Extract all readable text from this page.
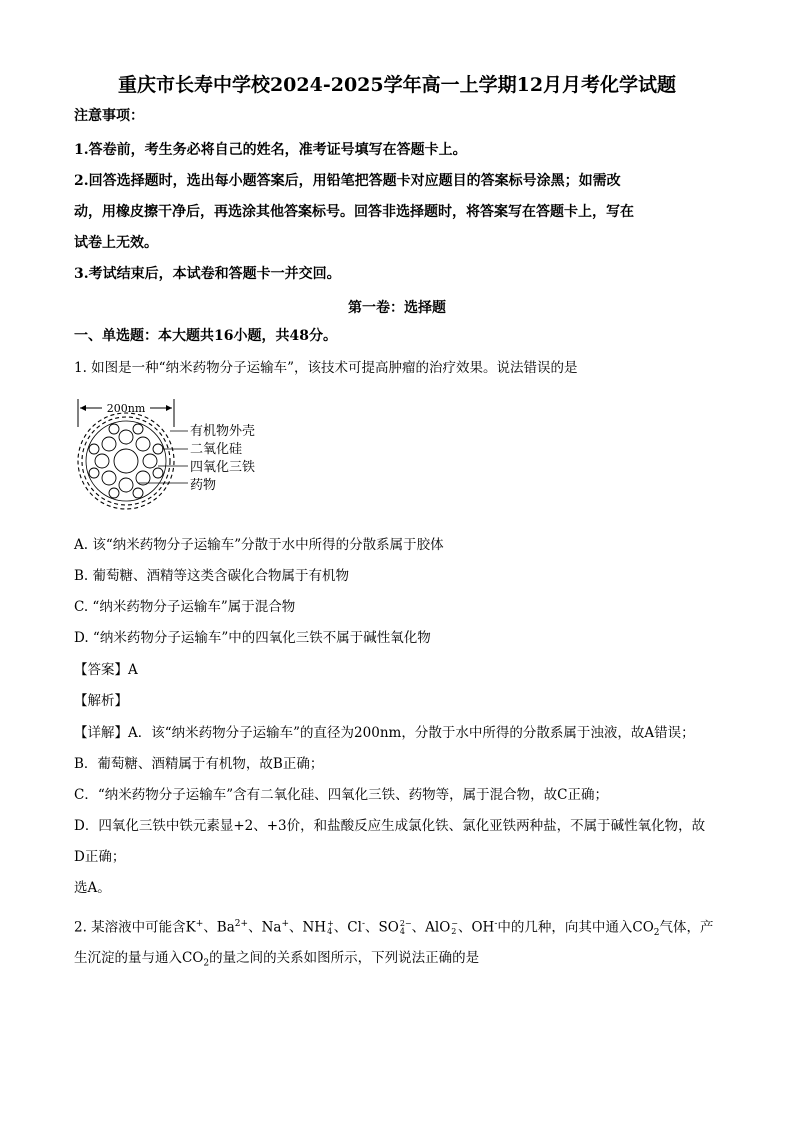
重庆市长寿中学校2024-2025学年高一上学期12月月考化学试题
注意事项：
1.答卷前，考生务必将自己的姓名，准考证号填写在答题卡上。
2.回答选择题时，选出每小题答案后，用铅笔把答题卡对应题目的答案标号涂黑；如需改
动，用橡皮擦干净后，再选涂其他答案标号。回答非选择题时，将答案写在答题卡上，写在
试卷上无效。
3.考试结束后，本试卷和答题卡一并交回。
第一卷：选择题
一、单选题：本大题共16小题，共48分。
1. 如图是一种“纳米药物分子运输车”，该技术可提高肿瘤的治疗效果。说法错误的是
200nm
有机物外壳
二氧化硅
四氧化三铁
药物
A. 该“纳米药物分子运输车”分散于水中所得的分散系属于胶体
B. 葡萄糖、酒精等这类含碳化合物属于有机物
C. “纳米药物分子运输车”属于混合物
D. “纳米药物分子运输车”中的四氧化三铁不属于碱性氧化物
【答案】A
【解析】
【详解】A．该“纳米药物分子运输车”的直径为200nm，分散于水中所得的分散系属于浊液，故A错误；
B．葡萄糖、酒精属于有机物，故B正确；
C．“纳米药物分子运输车”含有二氧化硅、四氧化三铁、药物等，属于混合物，故C正确；
D．四氧化三铁中铁元素显+2、+3价，和盐酸反应生成氯化铁、氯化亚铁两种盐，不属于碱性氧化物，故
D正确；
选A。
2. 某溶液中可能含K+、$Ba^{2+}$、Na+、NH +
4 、Cl-、SO 2−
4 、AlO −
2 、OH-中的几种，向其中通入$CO_2$气体，产
生沉淀的量与通入$CO_2$的量之间的关系如图所示，下列说法正确的是
